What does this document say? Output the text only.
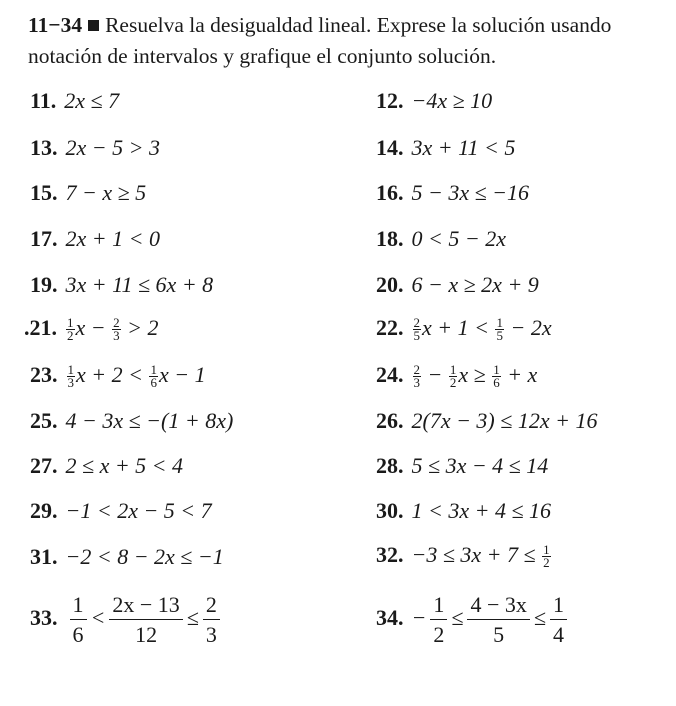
11−34 Resuelva la desigualdad lineal. Exprese la solución usando notación de intervalos y grafique el conjunto solución.
11. 2x ≤ 7	12. −4x ≥ 10
13. 2x − 5 > 3	14. 3x + 11 < 5
15. 7 − x ≥ 5	16. 5 − 3x ≤ −16
17. 2x + 1 < 0	18. 0 < 5 − 2x
19. 3x + 11 ≤ 6x + 8	20. 6 − x ≥ 2x + 9
.21. $\frac{1}{2}$ $x - \frac{2}{3} > 2$	22. $\frac{2}{5}$ $x + 1 < \frac{1}{5} - 2x$
23. $\frac{1}{3}$ $x + 2 < \frac{1}{6}$ x − 1	24. $\frac{2}{3} - \frac{1}{2}$ $x \ge \frac{1}{6} + x$
25. 4 − 3x ≤ −(1 + 8x)	26. 2(7x − 3) ≤ 12x + 16
27. 2 ≤ x + 5 < 4	28. 5 ≤ 3x − 4 ≤ 14
29. −1 < 2x − 5 < 7	30. 1 < 3x + 4 ≤ 16
31. −2 < 8 − 2x ≤ −1	32. $-3 \le 3x + 7 \le \frac{1}{2}$
33. $\frac{1}{6} < \frac{2x - 13}{12} \le \frac{2}{3}$	34. − $\frac{1}{2} \le \frac{4 - 3x}{5} \le \frac{1}{4}$
